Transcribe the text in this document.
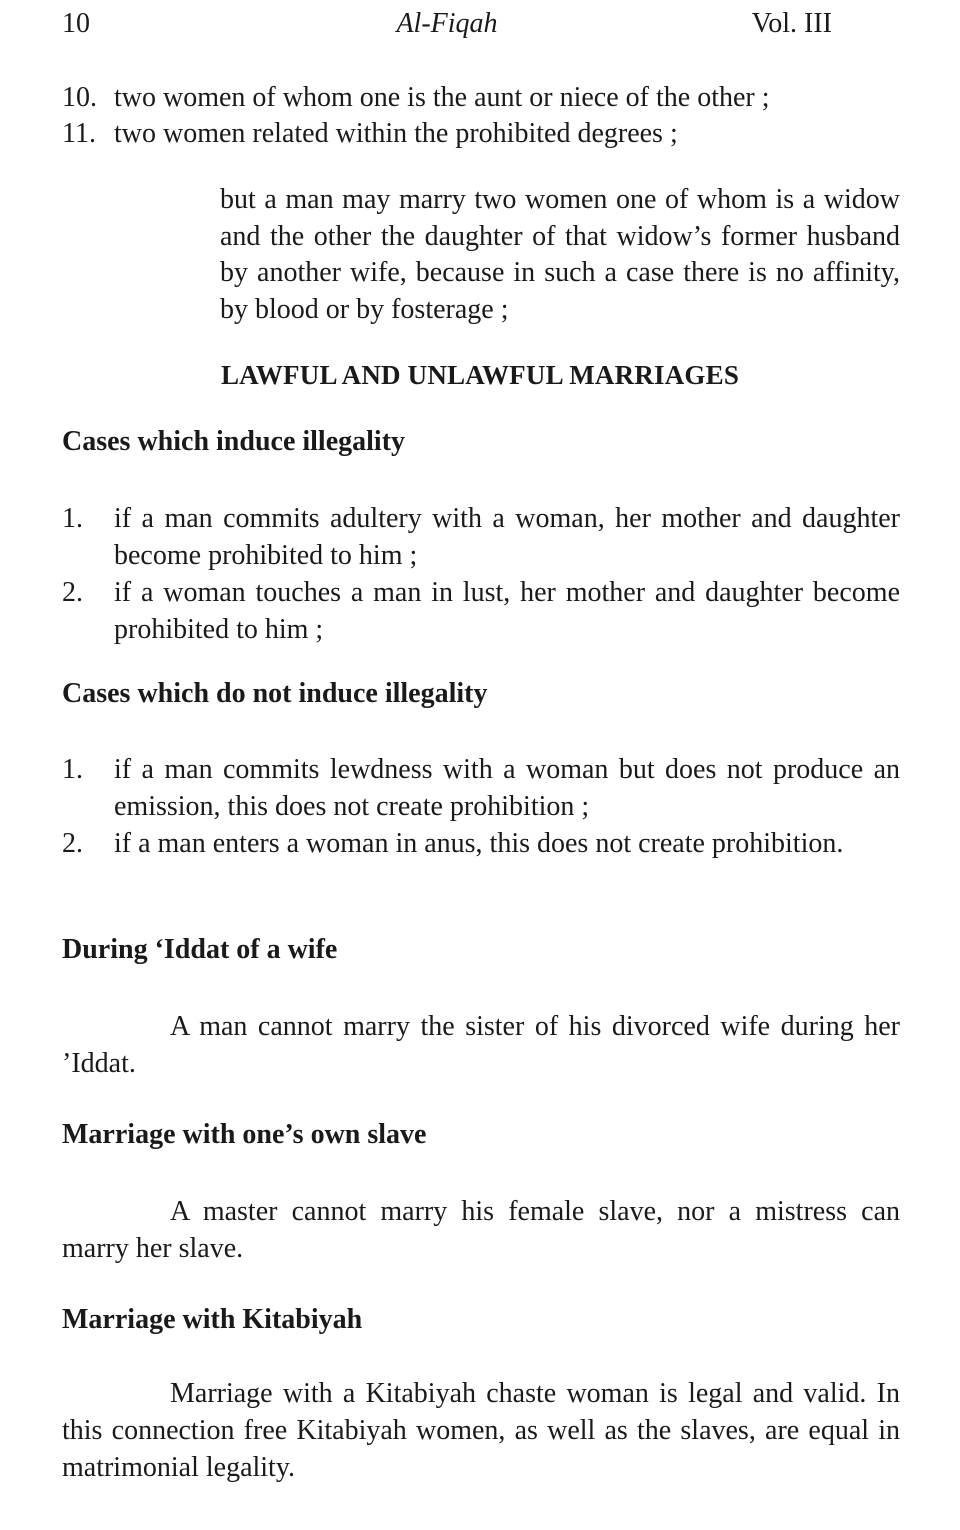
10	Al-Fiqah	Vol. III
10. two women of whom one is the aunt or niece of the other ;
11. two women related within the prohibited degrees ;
but a man may marry two women one of whom is a widow and the other the daughter of that widow’s former husband by another wife, because in such a case there is no affinity, by blood or by fosterage ;
LAWFUL AND UNLAWFUL MARRIAGES
Cases which induce illegality
1. if a man commits adultery with a woman, her mother and daughter become prohibited to him ;
2. if a woman touches a man in lust, her mother and daughter become prohibited to him ;
Cases which do not induce illegality
1. if a man commits lewdness with a woman but does not produce an emission, this does not create prohibition ;
2. if a man enters a woman in anus, this does not create prohibition.
During ‘Iddat of a wife
A man cannot marry the sister of his divorced wife during her ’Iddat.
Marriage with one’s own slave
A master cannot marry his female slave, nor a mistress can marry her slave.
Marriage with Kitabiyah
Marriage with a Kitabiyah chaste woman is legal and valid. In this connection free Kitabiyah women, as well as the slaves, are equal in matrimonial legality.
